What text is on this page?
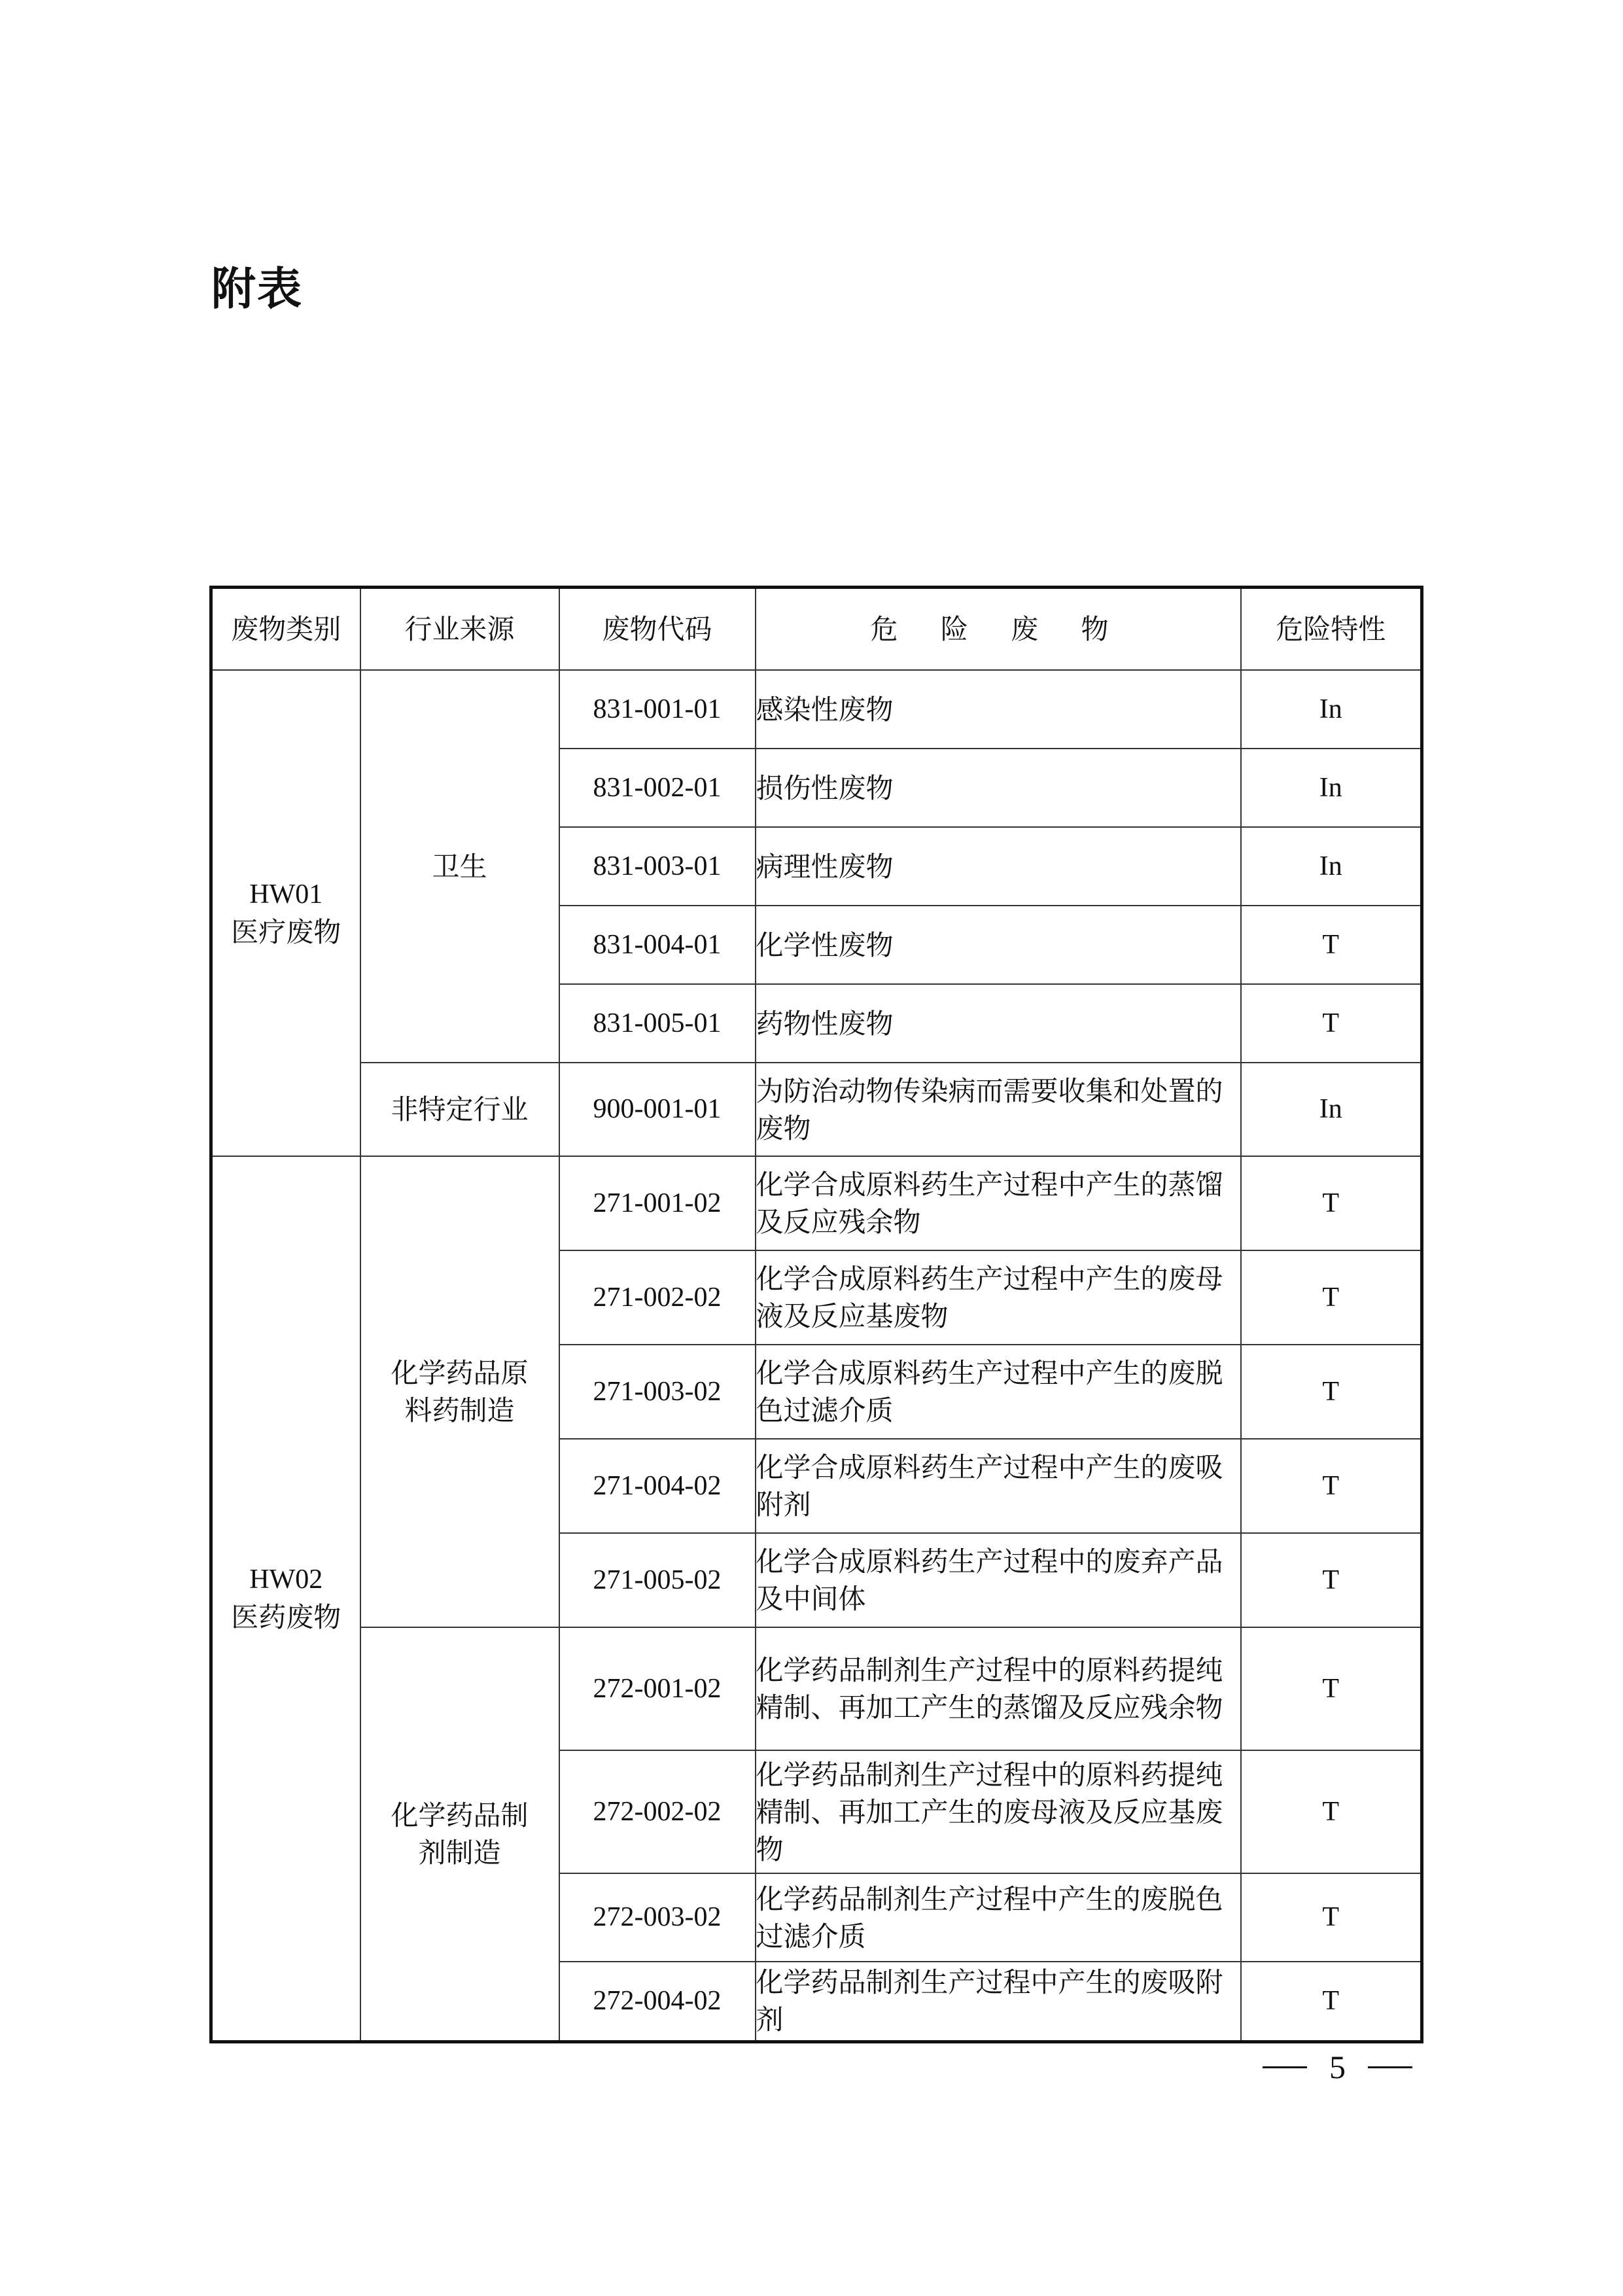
附表
废物类别	行业来源	废物代码	危 险 废 物	危险特性

HW01
医疗废物	卫生	831-001-01	感染性废物	In
		831-002-01	损伤性废物	In
		831-003-01	病理性废物	In
		831-004-01	化学性废物	T
		831-005-01	药物性废物	T
	非特定行业	900-001-01	为防治动物传染病而需要收集和处置的废物	In

HW02
医药废物	化学药品原料药制造	271-001-02	化学合成原料药生产过程中产生的蒸馏及反应残余物	T
		271-002-02	化学合成原料药生产过程中产生的废母液及反应基废物	T
		271-003-02	化学合成原料药生产过程中产生的废脱色过滤介质	T
		271-004-02	化学合成原料药生产过程中产生的废吸附剂	T
		271-005-02	化学合成原料药生产过程中的废弃产品及中间体	T
	化学药品制剂制造	272-001-02	化学药品制剂生产过程中的原料药提纯精制、再加工产生的蒸馏及反应残余物	T
		272-002-02	化学药品制剂生产过程中的原料药提纯精制、再加工产生的废母液及反应基废物	T
		272-003-02	化学药品制剂生产过程中产生的废脱色过滤介质	T
		272-004-02	化学药品制剂生产过程中产生的废吸附剂	T
5
